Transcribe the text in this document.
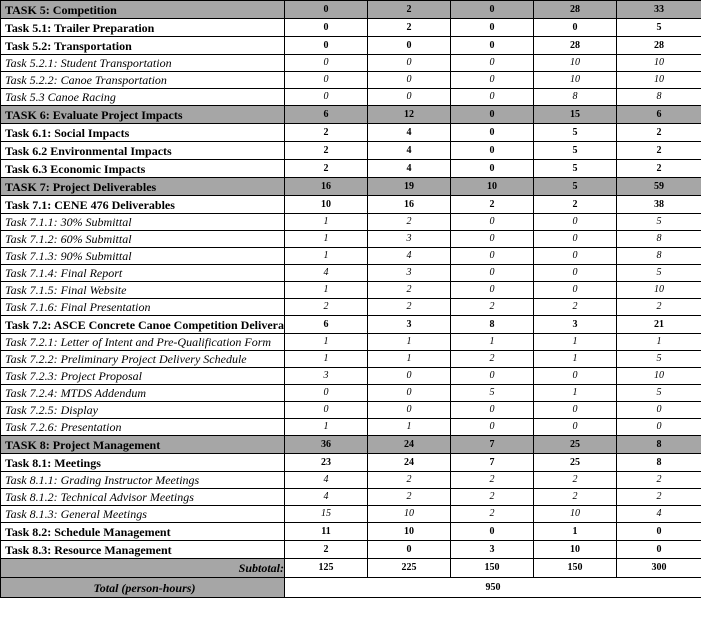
TASK 5: Competition	0	2	0	28	33
Task 5.1: Trailer Preparation	0	2	0	0	5
Task 5.2: Transportation	0	0	0	28	28
Task 5.2.1: Student Transportation	0	0	0	10	10
Task 5.2.2: Canoe Transportation	0	0	0	10	10
Task 5.3 Canoe Racing	0	0	0	8	8
TASK 6: Evaluate Project Impacts	6	12	0	15	6
Task 6.1: Social Impacts	2	4	0	5	2
Task 6.2 Environmental Impacts	2	4	0	5	2
Task 6.3 Economic Impacts	2	4	0	5	2
TASK 7: Project Deliverables	16	19	10	5	59
Task 7.1: CENE 476 Deliverables	10	16	2	2	38
Task 7.1.1: 30% Submittal	1	2	0	0	5
Task 7.1.2: 60% Submittal	1	3	0	0	8
Task 7.1.3: 90% Submittal	1	4	0	0	8
Task 7.1.4: Final Report	4	3	0	0	5
Task 7.1.5: Final Website	1	2	0	0	10
Task 7.1.6: Final Presentation	2	2	2	2	2
Task 7.2: ASCE Concrete Canoe Competition Delivera	6	3	8	3	21
Task 7.2.1: Letter of Intent and Pre-Qualification Form	1	1	1	1	1
Task 7.2.2: Preliminary Project Delivery Schedule	1	1	2	1	5
Task 7.2.3: Project Proposal	3	0	0	0	10
Task 7.2.4: MTDS Addendum	0	0	5	1	5
Task 7.2.5: Display	0	0	0	0	0
Task 7.2.6: Presentation	1	1	0	0	0
TASK 8: Project Management	36	24	7	25	8
Task 8.1: Meetings	23	24	7	25	8
Task 8.1.1: Grading Instructor Meetings	4	2	2	2	2
Task 8.1.2: Technical Advisor Meetings	4	2	2	2	2
Task 8.1.3: General Meetings	15	10	2	10	4
Task 8.2: Schedule Management	11	10	0	1	0
Task 8.3: Resource Management	2	0	3	10	0
Subtotal:	125	225	150	150	300
Total (person-hours)	950				
